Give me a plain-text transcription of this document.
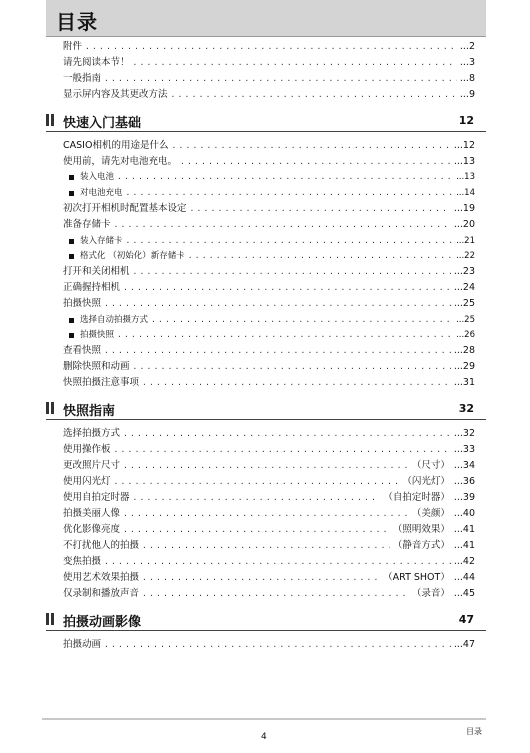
目录
附件 .....	...2
请先阅读本节！ .....	...3
一般指南 .....	...8
显示屏内容及其更改方法 .....	...9
快速入门基础	12
CASIO相机的用途是什么 .....	...12
使用前，请先对电池充电。 .....	...13
装入电池 .....	...13
对电池充电 .....	...14
初次打开相机时配置基本设定 .....	...19
准备存储卡 .....	...20
装入存储卡 .....	...21
格式化 （初始化）新存储卡 .....	...22
打开和关闭相机 .....	...23
正确握持相机 .....	...24
拍摄快照 .....	...25
选择自动拍摄方式 .....	...25
拍摄快照 .....	...26
查看快照 .....	...28
删除快照和动画 .....	...29
快照拍摄注意事项 .....	...31
快照指南	32
选择拍摄方式 .....	...32
使用操作板 .....	...33
更改照片尺寸 .....	（尺寸） ...34
使用闪光灯 .....	（闪光灯） ...36
使用自拍定时器 .....	（自拍定时器） ...39
拍摄美丽人像 .....	（美颜） ...40
优化影像亮度 .....	（照明效果） ...41
不打扰他人的拍摄 .....	（静音方式） ...41
变焦拍摄 .....	...42
使用艺术效果拍摄 .....	（ART SHOT） ...44
仅录制和播放声音 .....	（录音） ...45
拍摄动画影像	47
拍摄动画 .....	...47
4
目录
